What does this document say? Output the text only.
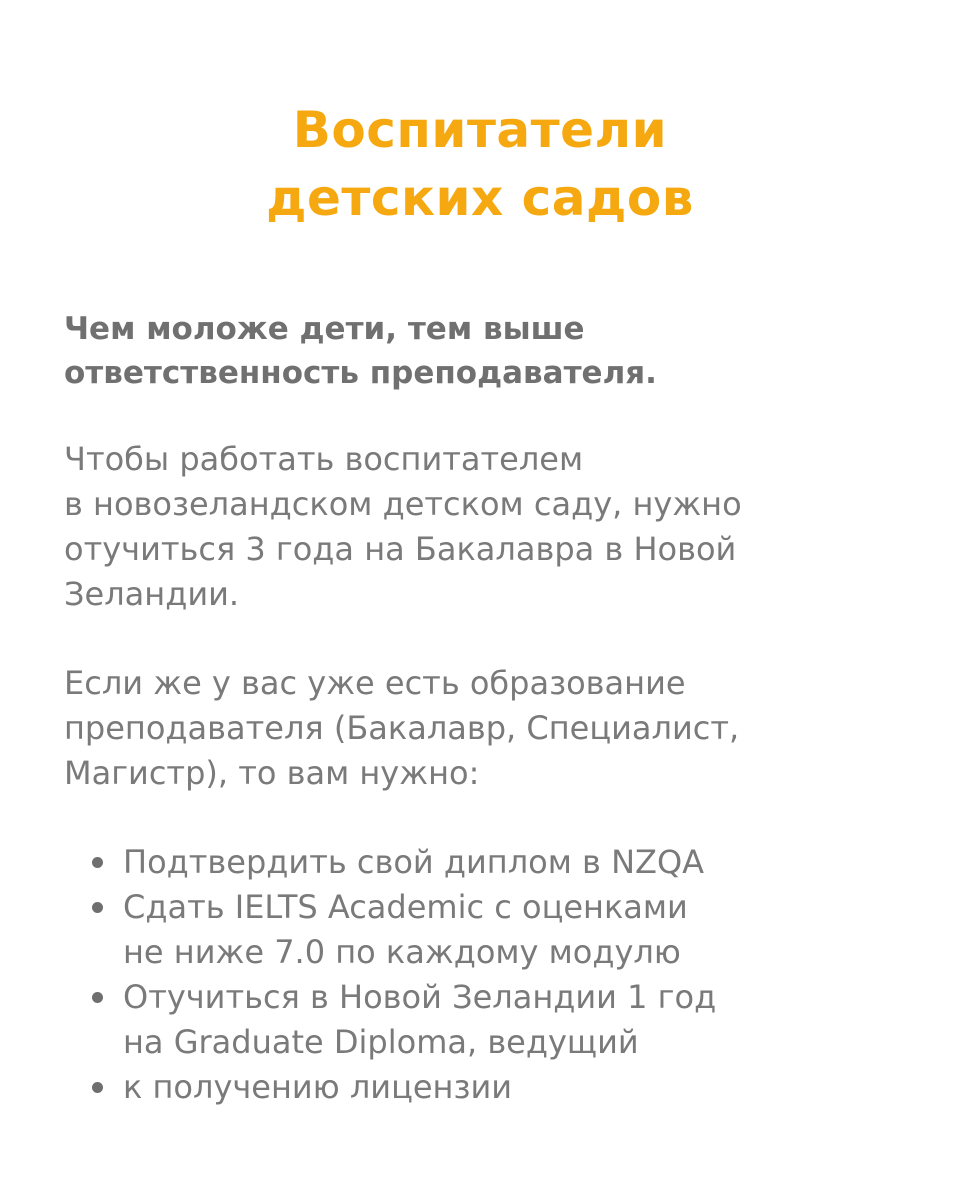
Воспитатели
детских садов

Чем моложе дети, тем выше
ответственность преподавателя.

Чтобы работать воспитателем
в новозеландском детском саду, нужно
отучиться 3 года на Бакалавра в Новой
Зеландии.

Если же у вас уже есть образование
преподавателя (Бакалавр, Специалист,
Магистр), то вам нужно:

Подтвердить свой диплом в NZQA
Сдать IELTS Academic с оценками
не ниже 7.0 по каждому модулю
Отучиться в Новой Зеландии 1 год
на Graduate Diploma, ведущий
к получению лицензии
